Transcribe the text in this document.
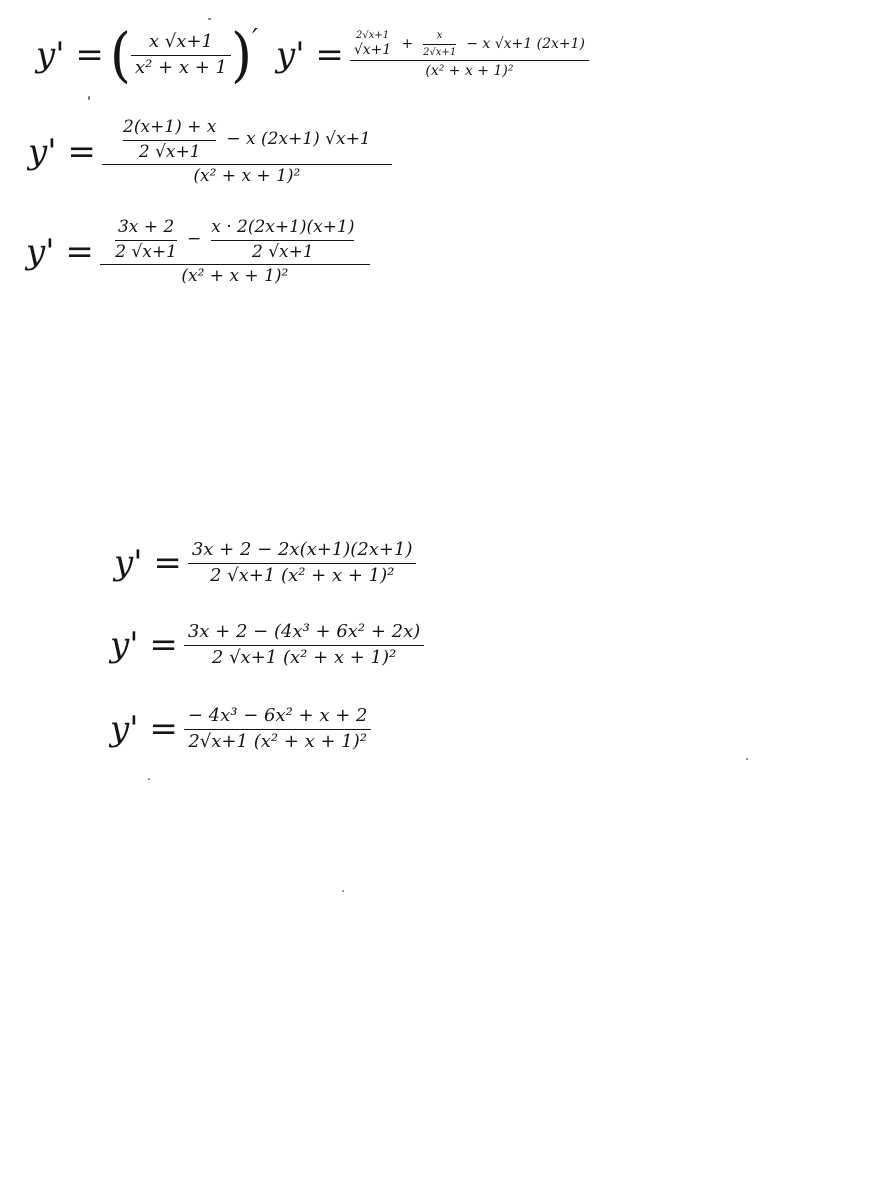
y' = ( $\frac{x √x+1}{\text{x² + x + 1}}$ ) ′ y' = 2√x+1
$√x+1 + \frac{x}{2√x+1} - x$ √x+1 (2x+1)
(x² + x + 1)²
$y' = \frac{2(x+1) + x}{2 √x+1} - x$ (2x+1) √x+1
(x² + x + 1)²
$y' = \frac{3x + 2}{2 √x+1} - \frac{x \cdot 2(2x+1)(x+1)}{2 √x+1}$
(x² + x + 1)²
$y' = \frac{3x + 2 - 2x(x+1)(2x+1)}{\text{2 √x+1 (x² + x + 1)²}}$
$y' = \frac{\text{3x + 2 − (4x³ + 6x² + 2x)}}{\text{2 √x+1 (x² + x + 1)²}}$
$y' = \frac{\text{− 4x³ − 6x² + x + 2}}{\text{2√x+1 (x² + x + 1)²}}$
